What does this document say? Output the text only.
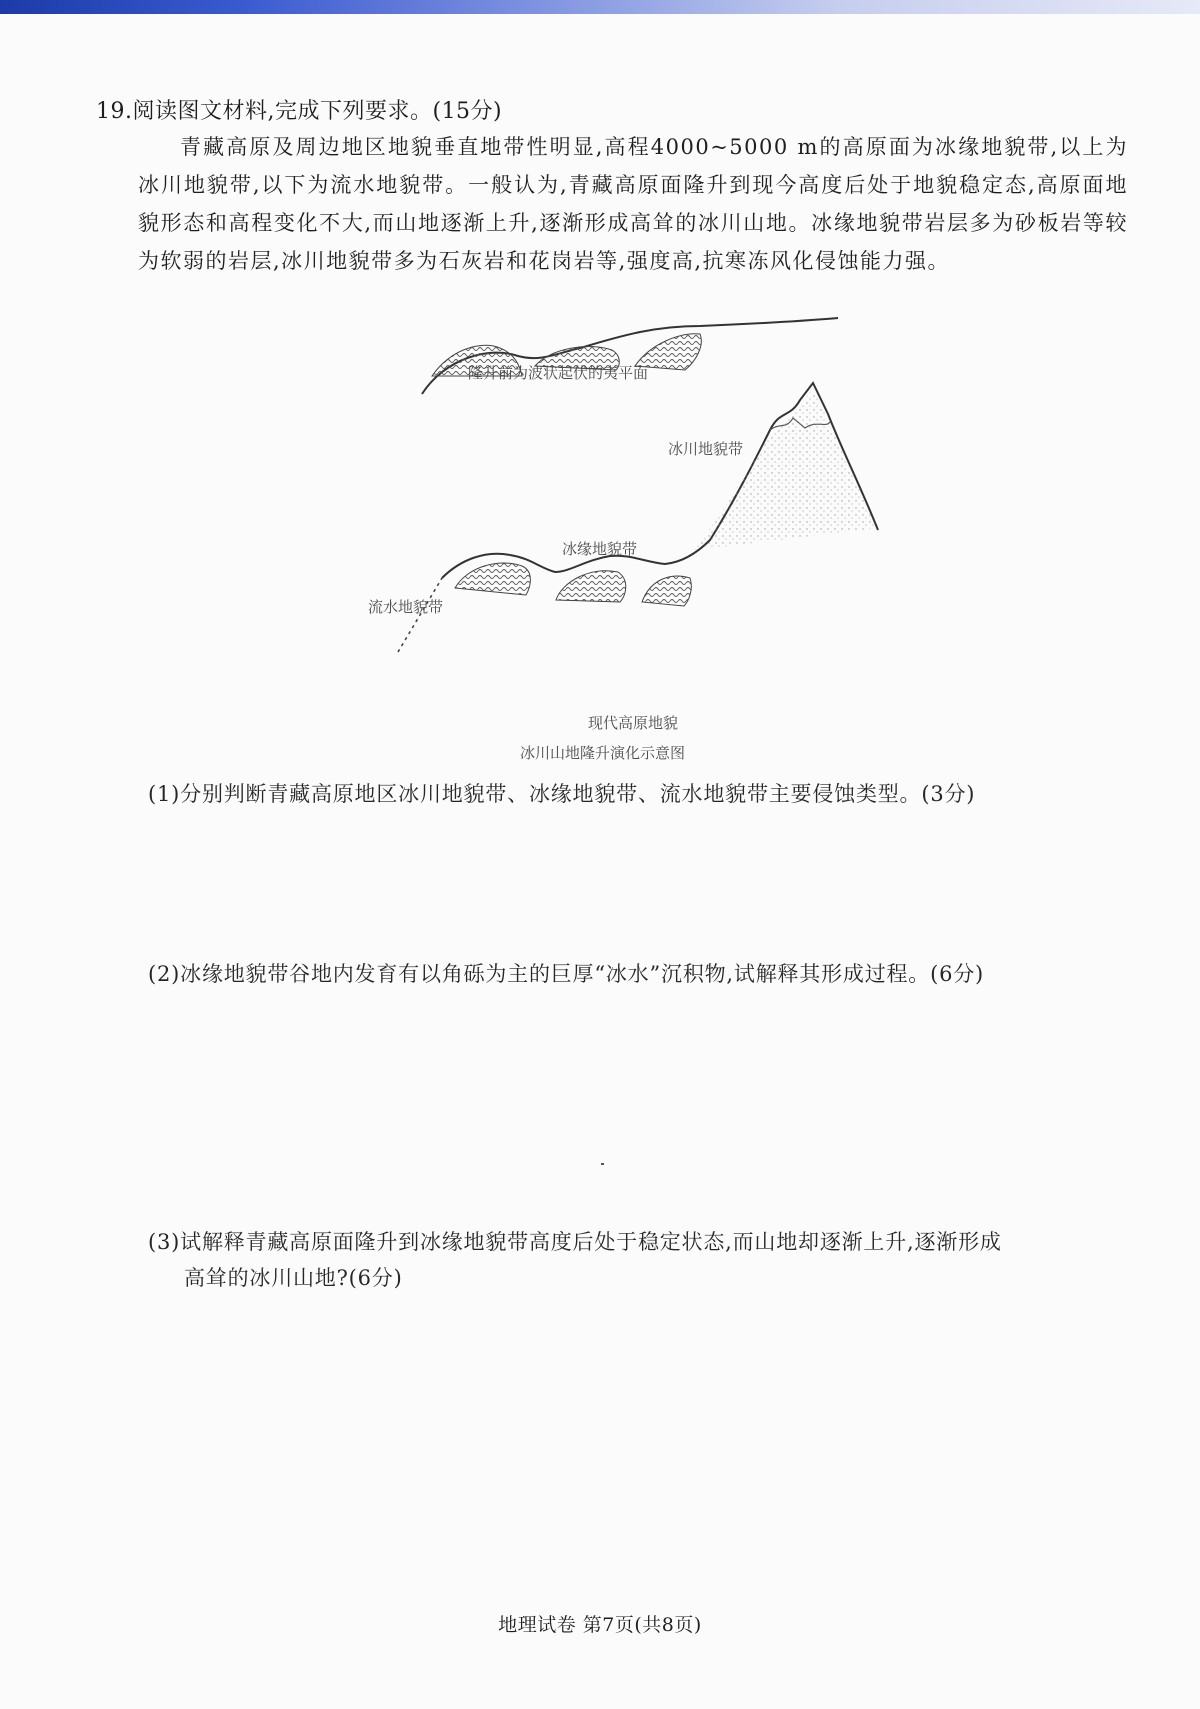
19.阅读图文材料,完成下列要求。(15分)
青藏高原及周边地区地貌垂直地带性明显,高程4000~5000 m的高原面为冰缘地貌带,以上为冰川地貌带,以下为流水地貌带。一般认为,青藏高原面隆升到现今高度后处于地貌稳定态,高原面地貌形态和高程变化不大,而山地逐渐上升,逐渐形成高耸的冰川山地。冰缘地貌带岩层多为砂板岩等较为软弱的岩层,冰川地貌带多为石灰岩和花岗岩等,强度高,抗寒冻风化侵蚀能力强。
隆升前为波状起伏的夷平面
冰川地貌带
冰缘地貌带
流水地貌带
现代高原地貌
冰川山地隆升演化示意图
(1)分别判断青藏高原地区冰川地貌带、冰缘地貌带、流水地貌带主要侵蚀类型。(3分)
(2)冰缘地貌带谷地内发育有以角砾为主的巨厚“冰水”沉积物,试解释其形成过程。(6分)
(3)试解释青藏高原面隆升到冰缘地貌带高度后处于稳定状态,而山地却逐渐上升,逐渐形成
高耸的冰川山地?(6分)
地理试卷 第7页(共8页)
